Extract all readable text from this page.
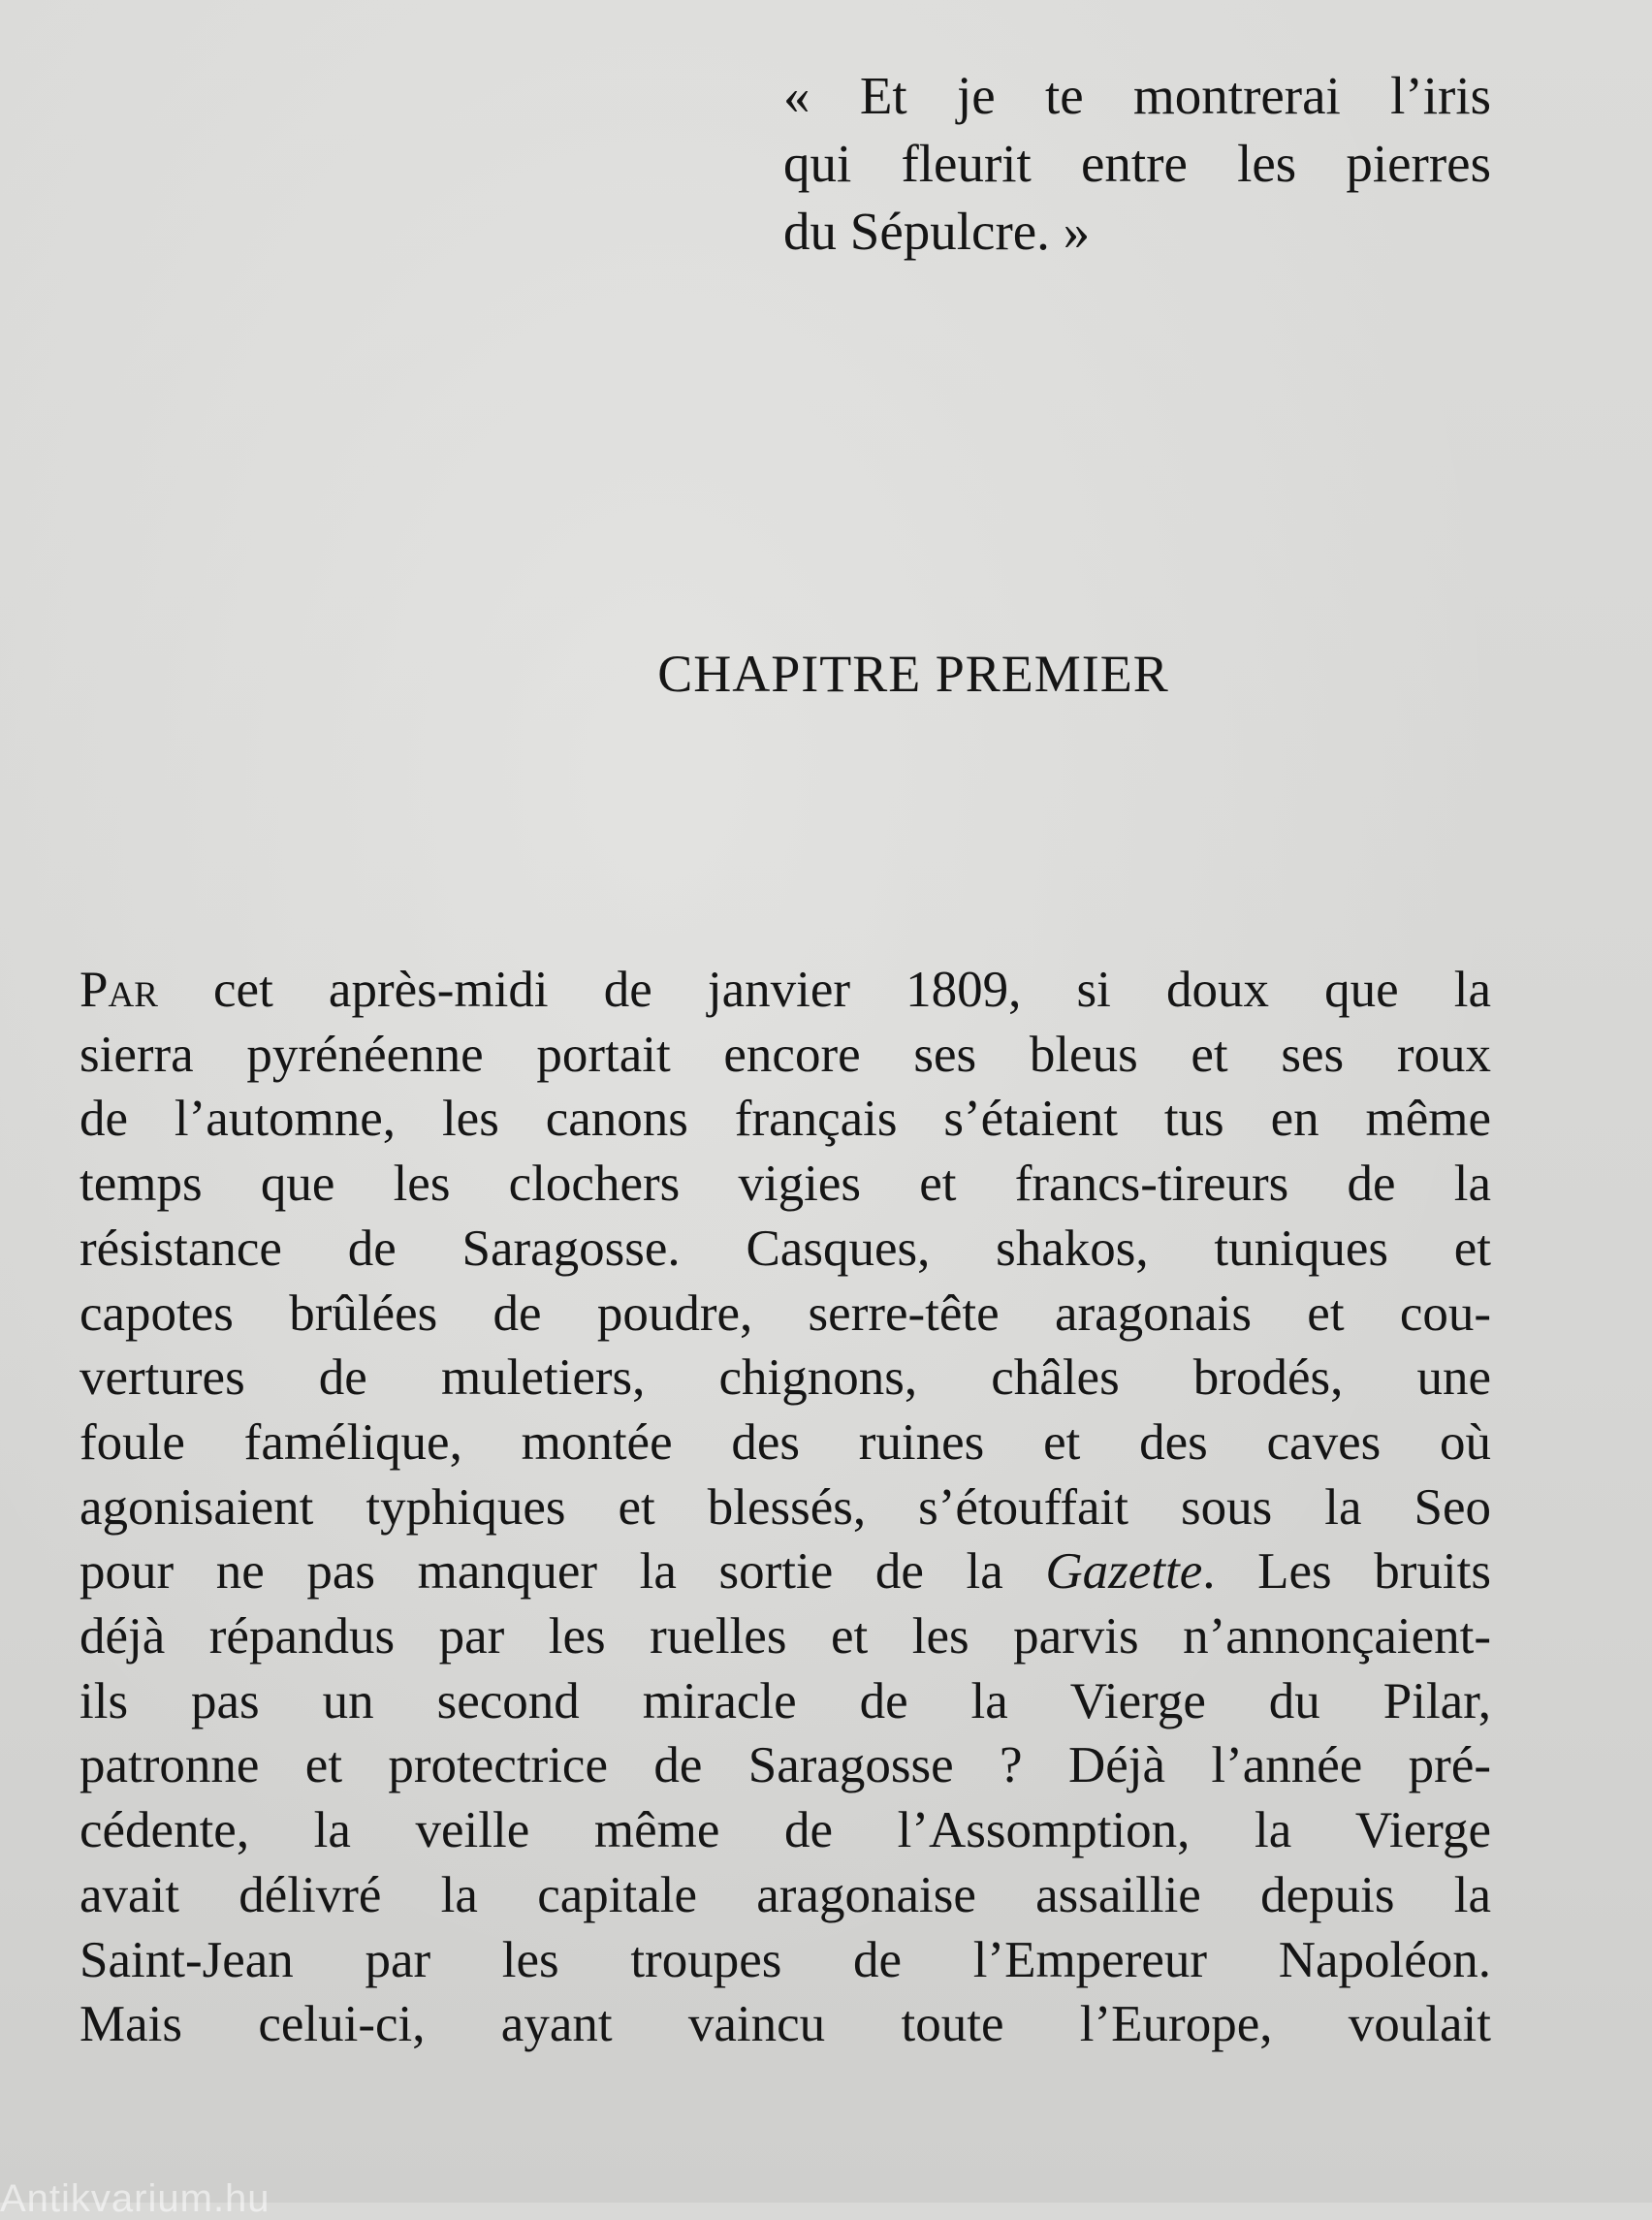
« Et je te montrerai l’iris
qui fleurit entre les pierres
du Sépulcre. »
CHAPITRE PREMIER
Par cet après-midi de janvier 1809, si doux que la
sierra pyrénéenne portait encore ses bleus et ses roux
de l’automne, les canons français s’étaient tus en même
temps que les clochers vigies et francs-tireurs de la
résistance de Saragosse. Casques, shakos, tuniques et
capotes brûlées de poudre, serre-tête aragonais et cou-
vertures de muletiers, chignons, châles brodés, une
foule famélique, montée des ruines et des caves où
agonisaient typhiques et blessés, s’étouffait sous la Seo
pour ne pas manquer la sortie de la Gazette. Les bruits
déjà répandus par les ruelles et les parvis n’annonçaient-
ils pas un second miracle de la Vierge du Pilar,
patronne et protectrice de Saragosse ? Déjà l’année pré-
cédente, la veille même de l’Assomption, la Vierge
avait délivré la capitale aragonaise assaillie depuis la
Saint-Jean par les troupes de l’Empereur Napoléon.
Mais celui-ci, ayant vaincu toute l’Europe, voulait
Antikvarium.hu
